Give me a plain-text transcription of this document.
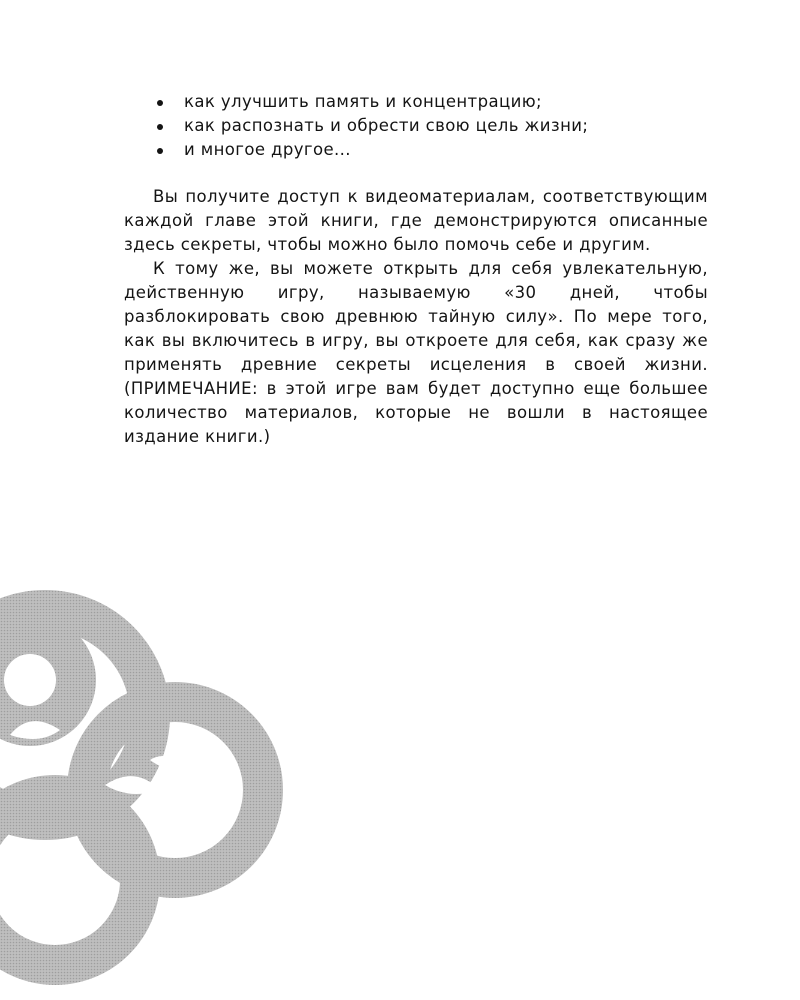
как улучшить память и концентрацию;
как распознать и обрести свою цель жизни;
и многое другое...

Вы получите доступ к видеоматериалам, соответствующим каждой главе этой книги, где демонстрируются описанные здесь секреты, чтобы можно было помочь себе и другим.

К тому же, вы можете открыть для себя увлекательную, действенную игру, называемую «30 дней, чтобы разблокировать свою древнюю тайную силу». По мере того, как вы включитесь в игру, вы откроете для себя, как сразу же применять древние секреты исцеления в своей жизни. (ПРИМЕЧАНИЕ: в этой игре вам будет доступно еще большее количество материалов, которые не вошли в настоящее издание книги.)
